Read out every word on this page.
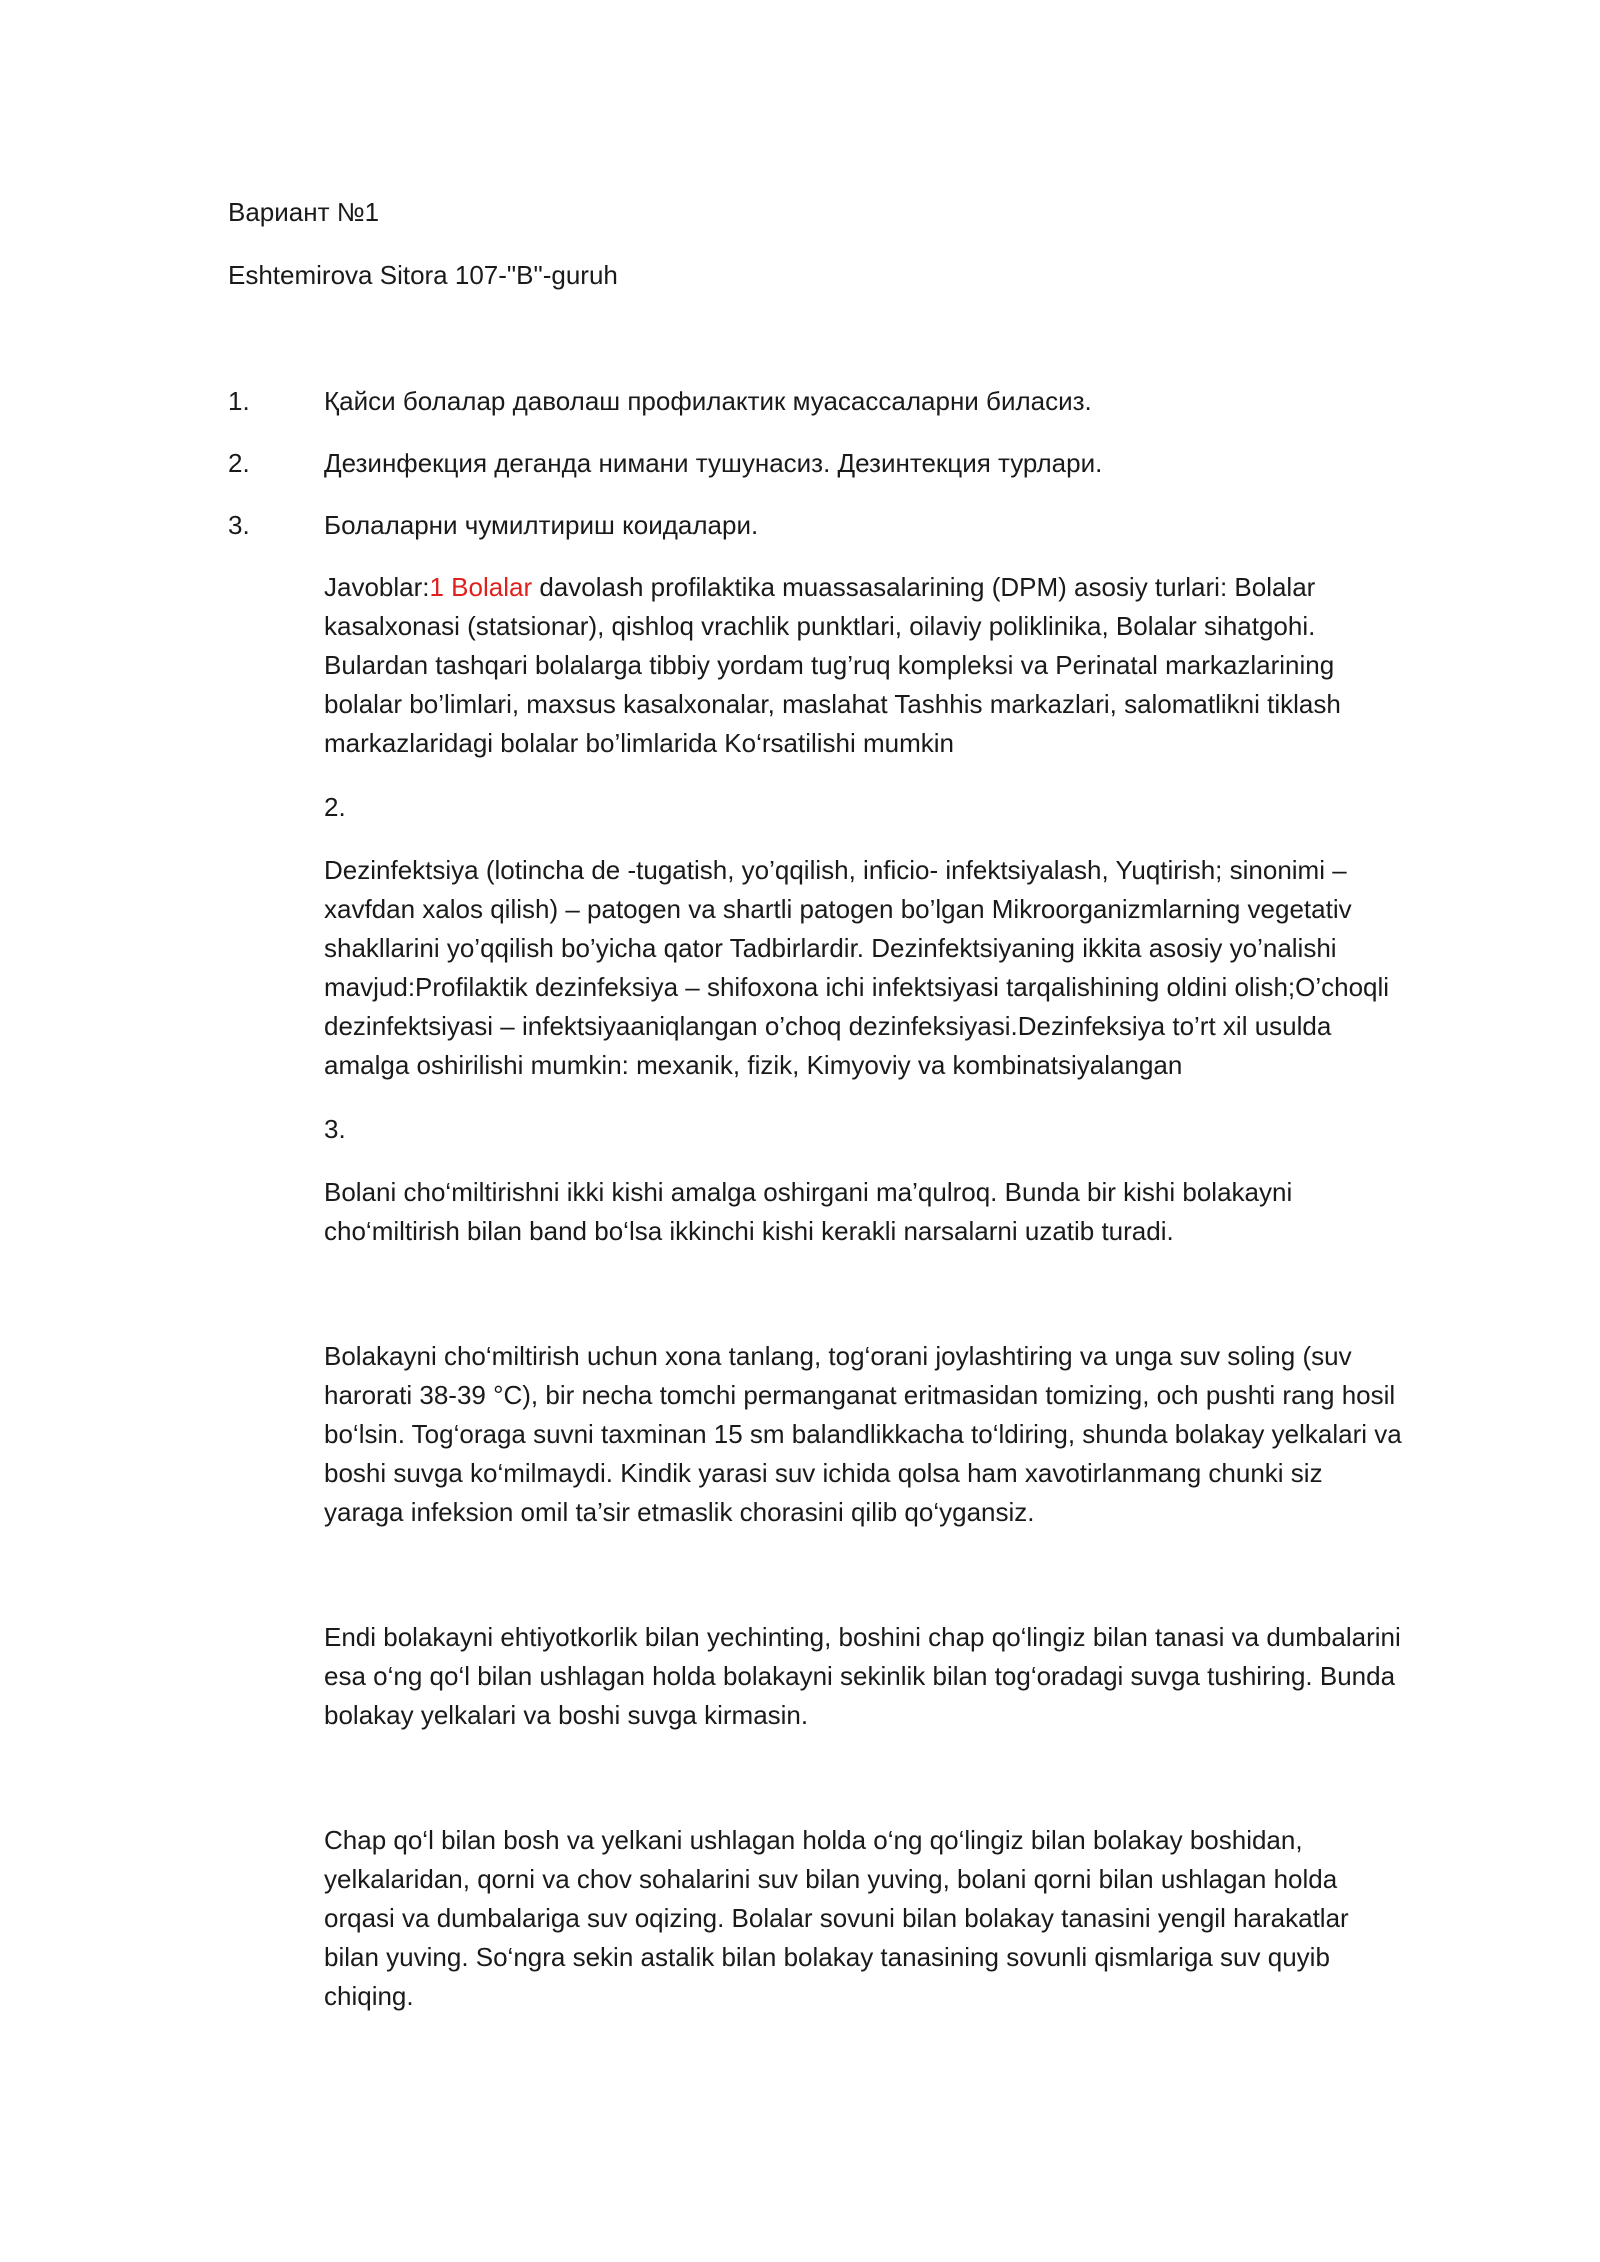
Вариант №1
Eshtemirova Sitora 107-"B"-guruh
1.	Қайси болалар даволаш профилактик муасассаларни биласиз.
2.	Дезинфекция деганда нимани тушунасиз. Дезинтекция турлари.
3.	Болаларни чумилтириш коидалари.

Javoblar:1 Bolalar davolash profilaktika muassasalarining (DPM) asosiy turlari: Bolalar kasalxonasi (statsionar), qishloq vrachlik punktlari, oilaviy poliklinika, Bolalar sihatgohi. Bulardan tashqari bolalarga tibbiy yordam tug’ruq kompleksi va Perinatal markazlarining bolalar bo’limlari, maxsus kasalxonalar, maslahat Tashhis markazlari, salomatlikni tiklash markazlaridagi bolalar bo’limlarida Ko‘rsatilishi mumkin

2.

Dezinfektsiya (lotincha de -tugatish, yo’qqilish, inficio- infektsiyalash, Yuqtirish; sinonimi – xavfdan xalos qilish) – patogen va shartli patogen bo’lgan Mikroorganizmlarning vegetativ shakllarini yo’qqilish bo’yicha qator Tadbirlardir. Dezinfektsiyaning ikkita asosiy yo’nalishi mavjud:Profilaktik dezinfeksiya – shifoxona ichi infektsiyasi tarqalishining oldini olish;O’choqli dezinfektsiyasi – infektsiyaaniqlangan o’choq dezinfeksiyasi.Dezinfeksiya to’rt xil usulda amalga oshirilishi mumkin: mexanik, fizik, Kimyoviy va kombinatsiyalangan

3.

Bolani cho‘miltirishni ikki kishi amalga oshirgani ma’qulroq. Bunda bir kishi bolakayni cho‘miltirish bilan band bo‘lsa ikkinchi kishi kerakli narsalarni uzatib turadi.

Bolakayni cho‘miltirish uchun xona tanlang, tog‘orani joylashtiring va unga suv soling (suv harorati 38-39 °C), bir necha tomchi permanganat eritmasidan tomizing, och pushti rang hosil bo‘lsin. Tog‘oraga suvni taxminan 15 sm balandlikkacha to‘ldiring, shunda bolakay yelkalari va boshi suvga ko‘milmaydi. Kindik yarasi suv ichida qolsa ham xavotirlanmang chunki siz yaraga infeksion omil ta’sir etmaslik chorasini qilib qo‘ygansiz.

Endi bolakayni ehtiyotkorlik bilan yechinting, boshini chap qo‘lingiz bilan tanasi va dumbalarini esa o‘ng qo‘l bilan ushlagan holda bolakayni sekinlik bilan tog‘oradagi suvga tushiring. Bunda bolakay yelkalari va boshi suvga kirmasin.

Chap qo‘l bilan bosh va yelkani ushlagan holda o‘ng qo‘lingiz bilan bolakay boshidan, yelkalaridan, qorni va chov sohalarini suv bilan yuving, bolani qorni bilan ushlagan holda orqasi va dumbalariga suv oqizing. Bolalar sovuni bilan bolakay tanasini yengil harakatlar bilan yuving. So‘ngra sekin astalik bilan bolakay tanasining sovunli qismlariga suv quyib chiqing.
